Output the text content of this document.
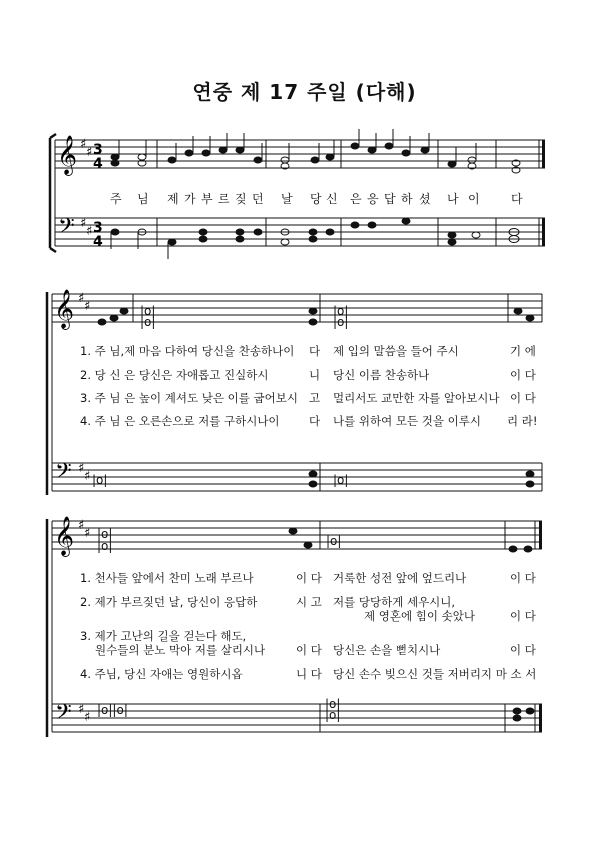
연중 제 17 주일 (다해)
𝄞
𝄢
♯
♯
♯
♯
3
4
3
4
𝄞
𝄢
♯
♯
♯
♯
|o|
|o|
|o|
|o|
|o|	|o|
𝄞
𝄢
♯
♯
♯
♯
|o|
|o|	|o|
|o||o|	|o|
|o|
주 님 제 가 부 르 짖 던 날 당 신 은 응 답 하 셨 나 이	다
1. 주 님,제 마음 다하여 당신을 찬송하나이 다 제 입의 말씀을 들어 주시	기 에
2. 당 신 은 당신은 자애롭고 진실하시	니 당신 이름 찬송하나	이 다
3. 주 님 은 높이 계셔도 낮은 이를 굽어보시 고 멀리서도 교만한 자를 알아보시나 이 다
4. 주 님 은 오른손으로 저를 구하시나이	다 나를 위하여 모든 것을 이루시 리 라!
1. 천사들 앞에서 찬미 노래 부르나	이 다 거룩한 성전 앞에 엎드리나	이 다
2. 제가 부르짖던 날, 당신이 응답하	시 고 저를 당당하게 세우시니,
제 영혼에 힘이 솟았나	이 다
3. 제가 고난의 길을 걷는다 해도,
원수들의 분노 막아 저를 살리시나	이 다 당신은 손을 뻗치시나	이 다
4. 주님, 당신 자애는 영원하시옵	니 다 당신 손수 빚으신 것들 저버리지 마 소 서
